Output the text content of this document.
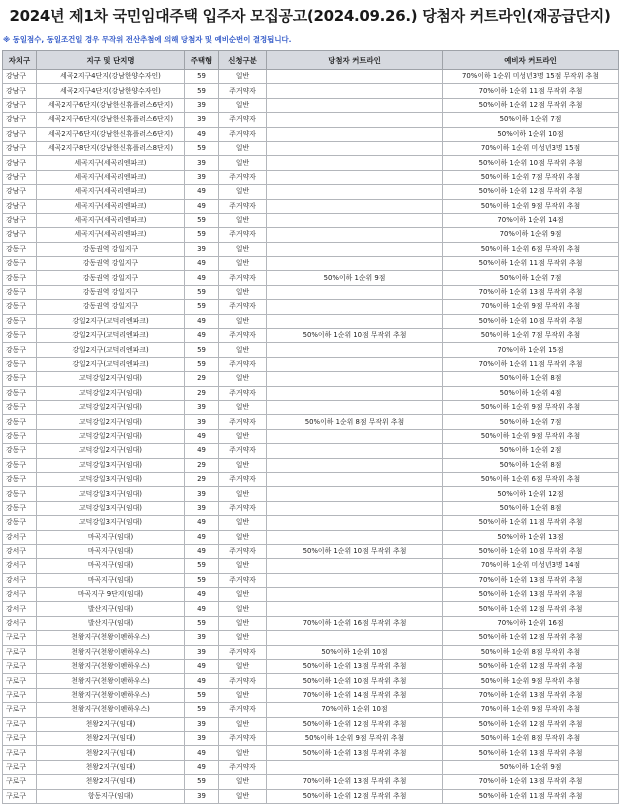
2024년 제1차 국민임대주택 입주자 모집공고(2024.09.26.) 당첨자 커트라인(재공급단지)
※ 동일점수, 동일조건일 경우 무작위 전산추첨에 의해 당첨자 및 예비순번이 결정됩니다.
자치구	지구 및 단지명	주택형	신청구분	당첨자 커트라인	예비자 커트라인
강남구	세곡2지구4단지(강남한양수자인)	59	일반		70%이하 1순위 미성년3명 15점 무작위 추첨
강남구	세곡2지구4단지(강남한양수자인)	59	주거약자		70%이하 1순위 11점 무작위 추첨
강남구	세곡2지구6단지(강남한신휴플러스6단지)	39	일반		50%이하 1순위 12점 무작위 추첨
강남구	세곡2지구6단지(강남한신휴플러스6단지)	39	주거약자		50%이하 1순위 7점
강남구	세곡2지구6단지(강남한신휴플러스6단지)	49	주거약자		50%이하 1순위 10점
강남구	세곡2지구8단지(강남한신휴플러스8단지)	59	일반		70%이하 1순위 미성년3명 15점
강남구	세곡지구(세곡리엔파크)	39	일반		50%이하 1순위 10점 무작위 추첨
강남구	세곡지구(세곡리엔파크)	39	주거약자		50%이하 1순위 7점 무작위 추첨
강남구	세곡지구(세곡리엔파크)	49	일반		50%이하 1순위 12점 무작위 추첨
강남구	세곡지구(세곡리엔파크)	49	주거약자		50%이하 1순위 9점 무작위 추첨
강남구	세곡지구(세곡리엔파크)	59	일반		70%이하 1순위 14점
강남구	세곡지구(세곡리엔파크)	59	주거약자		70%이하 1순위 9점
강동구	강동권역 강일지구	39	일반		50%이하 1순위 6점 무작위 추첨
강동구	강동권역 강일지구	49	일반		50%이하 1순위 11점 무작위 추첨
강동구	강동권역 강일지구	49	주거약자	50%이하 1순위 9점	50%이하 1순위 7점
강동구	강동권역 강일지구	59	일반		70%이하 1순위 13점 무작위 추첨
강동구	강동권역 강일지구	59	주거약자		70%이하 1순위 9점 무작위 추첨
강동구	강일2지구(고덕리엔파크)	49	일반		50%이하 1순위 10점 무작위 추첨
강동구	강일2지구(고덕리엔파크)	49	주거약자	50%이하 1순위 10점 무작위 추첨	50%이하 1순위 7점 무작위 추첨
강동구	강일2지구(고덕리엔파크)	59	일반		70%이하 1순위 15점
강동구	강일2지구(고덕리엔파크)	59	주거약자		70%이하 1순위 11점 무작위 추첨
강동구	고덕강일2지구(임대)	29	일반		50%이하 1순위 8점
강동구	고덕강일2지구(임대)	29	주거약자		50%이하 1순위 4점
강동구	고덕강일2지구(임대)	39	일반		50%이하 1순위 9점 무작위 추첨
강동구	고덕강일2지구(임대)	39	주거약자	50%이하 1순위 8점 무작위 추첨	50%이하 1순위 7점
강동구	고덕강일2지구(임대)	49	일반		50%이하 1순위 9점 무작위 추첨
강동구	고덕강일2지구(임대)	49	주거약자		50%이하 1순위 2점
강동구	고덕강일3지구(임대)	29	일반		50%이하 1순위 8점
강동구	고덕강일3지구(임대)	29	주거약자		50%이하 1순위 6점 무작위 추첨
강동구	고덕강일3지구(임대)	39	일반		50%이하 1순위 12점
강동구	고덕강일3지구(임대)	39	주거약자		50%이하 1순위 8점
강동구	고덕강일3지구(임대)	49	일반		50%이하 1순위 11점 무작위 추첨
강서구	마곡지구(임대)	49	일반		50%이하 1순위 13점
강서구	마곡지구(임대)	49	주거약자	50%이하 1순위 10점 무작위 추첨	50%이하 1순위 10점 무작위 추첨
강서구	마곡지구(임대)	59	일반		70%이하 1순위 미성년3명 14점
강서구	마곡지구(임대)	59	주거약자		70%이하 1순위 13점 무작위 추첨
강서구	마곡지구 9단지(임대)	49	일반		50%이하 1순위 13점 무작위 추첨
강서구	발산지구(임대)	49	일반		50%이하 1순위 12점 무작위 추첨
강서구	발산지구(임대)	59	일반	70%이하 1순위 16점 무작위 추첨	70%이하 1순위 16점
구로구	천왕지구(천왕이펜하우스)	39	일반		50%이하 1순위 12점 무작위 추첨
구로구	천왕지구(천왕이펜하우스)	39	주거약자	50%이하 1순위 10점	50%이하 1순위 8점 무작위 추첨
구로구	천왕지구(천왕이펜하우스)	49	일반	50%이하 1순위 13점 무작위 추첨	50%이하 1순위 12점 무작위 추첨
구로구	천왕지구(천왕이펜하우스)	49	주거약자	50%이하 1순위 10점 무작위 추첨	50%이하 1순위 9점 무작위 추첨
구로구	천왕지구(천왕이펜하우스)	59	일반	70%이하 1순위 14점 무작위 추첨	70%이하 1순위 13점 무작위 추첨
구로구	천왕지구(천왕이펜하우스)	59	주거약자	70%이하 1순위 10점	70%이하 1순위 9점 무작위 추첨
구로구	천왕2지구(임대)	39	일반	50%이하 1순위 12점 무작위 추첨	50%이하 1순위 12점 무작위 추첨
구로구	천왕2지구(임대)	39	주거약자	50%이하 1순위 9점 무작위 추첨	50%이하 1순위 8점 무작위 추첨
구로구	천왕2지구(임대)	49	일반	50%이하 1순위 13점 무작위 추첨	50%이하 1순위 13점 무작위 추첨
구로구	천왕2지구(임대)	49	주거약자		50%이하 1순위 9점
구로구	천왕2지구(임대)	59	일반	70%이하 1순위 13점 무작위 추첨	70%이하 1순위 13점 무작위 추첨
구로구	항동지구(임대)	39	일반	50%이하 1순위 12점 무작위 추첨	50%이하 1순위 11점 무작위 추첨
